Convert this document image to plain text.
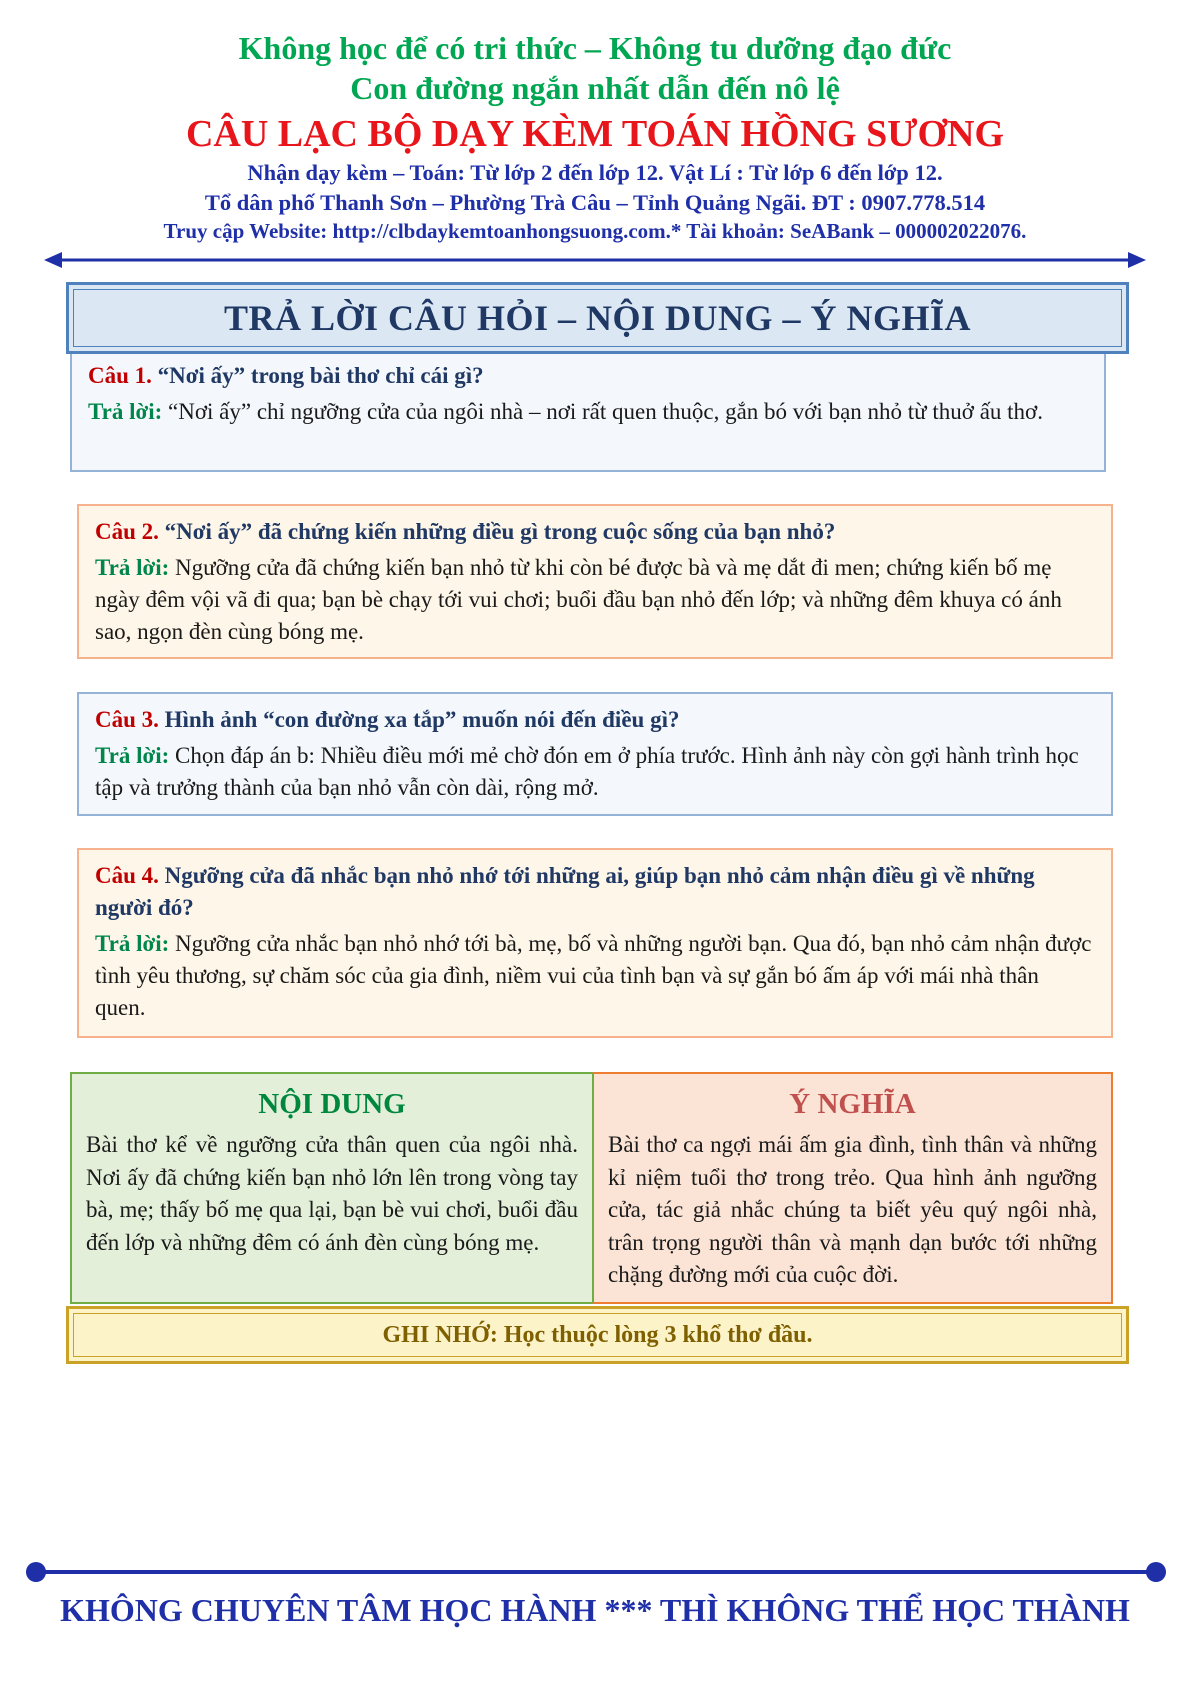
Không học để có tri thức – Không tu dưỡng đạo đức
Con đường ngắn nhất dẫn đến nô lệ
CÂU LẠC BỘ DẠY KÈM TOÁN HỒNG SƯƠNG
Nhận dạy kèm – Toán: Từ lớp 2 đến lớp 12. Vật Lí : Từ lớp 6 đến lớp 12.
Tổ dân phố Thanh Sơn – Phường Trà Câu – Tỉnh Quảng Ngãi. ĐT : 0907.778.514
Truy cập Website: http://clbdaykemtoanhongsuong.com.* Tài khoản: SeABank – 000002022076.
TRẢ LỜI CÂU HỎI – NỘI DUNG – Ý NGHĨA
Câu 1. “Nơi ấy” trong bài thơ chỉ cái gì?
Trả lời: “Nơi ấy” chỉ ngưỡng cửa của ngôi nhà – nơi rất quen thuộc, gắn bó với bạn nhỏ từ thuở ấu thơ.
Câu 2. “Nơi ấy” đã chứng kiến những điều gì trong cuộc sống của bạn nhỏ?
Trả lời: Ngưỡng cửa đã chứng kiến bạn nhỏ từ khi còn bé được bà và mẹ dắt đi men; chứng kiến bố mẹ ngày đêm vội vã đi qua; bạn bè chạy tới vui chơi; buổi đầu bạn nhỏ đến lớp; và những đêm khuya có ánh sao, ngọn đèn cùng bóng mẹ.
Câu 3. Hình ảnh “con đường xa tắp” muốn nói đến điều gì?
Trả lời: Chọn đáp án b: Nhiều điều mới mẻ chờ đón em ở phía trước. Hình ảnh này còn gợi hành trình học tập và trưởng thành của bạn nhỏ vẫn còn dài, rộng mở.
Câu 4. Ngưỡng cửa đã nhắc bạn nhỏ nhớ tới những ai, giúp bạn nhỏ cảm nhận điều gì về những người đó?
Trả lời: Ngưỡng cửa nhắc bạn nhỏ nhớ tới bà, mẹ, bố và những người bạn. Qua đó, bạn nhỏ cảm nhận được tình yêu thương, sự chăm sóc của gia đình, niềm vui của tình bạn và sự gắn bó ấm áp với mái nhà thân quen.
NỘI DUNG
Bài thơ kể về ngưỡng cửa thân quen của ngôi nhà. Nơi ấy đã chứng kiến bạn nhỏ lớn lên trong vòng tay bà, mẹ; thấy bố mẹ qua lại, bạn bè vui chơi, buổi đầu đến lớp và những đêm có ánh đèn cùng bóng mẹ.
Ý NGHĨA
Bài thơ ca ngợi mái ấm gia đình, tình thân và những kỉ niệm tuổi thơ trong trẻo. Qua hình ảnh ngưỡng cửa, tác giả nhắc chúng ta biết yêu quý ngôi nhà, trân trọng người thân và mạnh dạn bước tới những chặng đường mới của cuộc đời.
GHI NHỚ: Học thuộc lòng 3 khổ thơ đầu.
KHÔNG CHUYÊN TÂM HỌC HÀNH *** THÌ KHÔNG THỂ HỌC THÀNH
